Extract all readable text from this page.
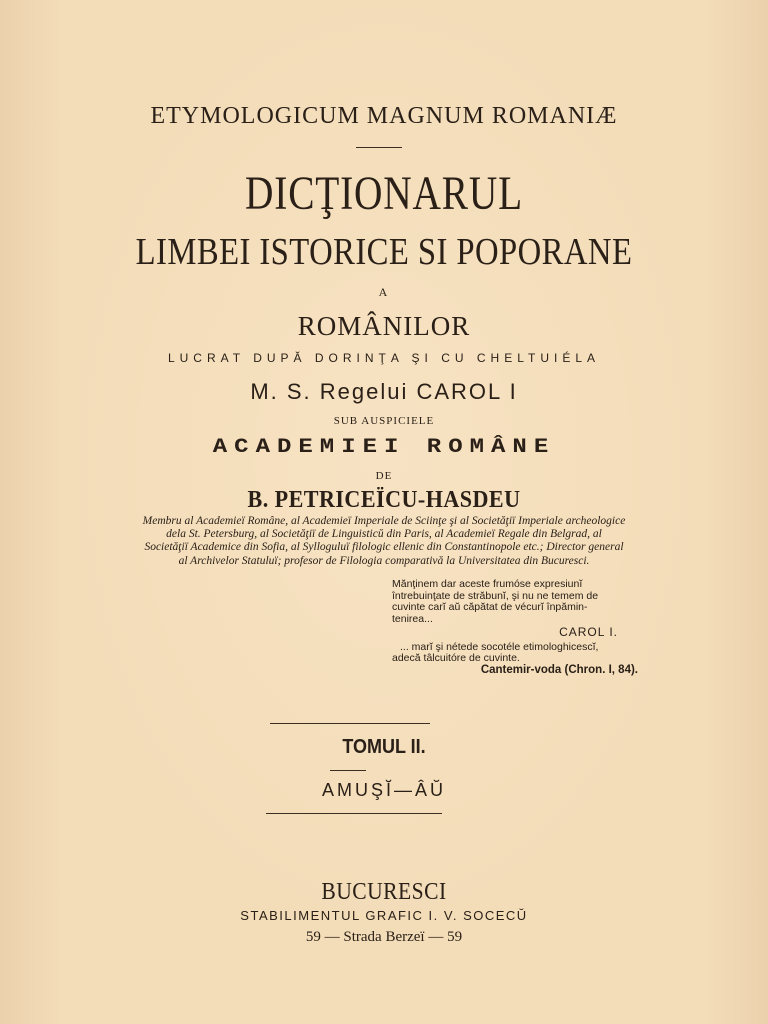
ETYMOLOGICUM MAGNUM ROMANIÆ
DICŢIONARUL
LIMBEI ISTORICE SI POPORANE
A
ROMÂNILOR
LUCRAT DUPĂ DORINŢA ŞI CU CHELTUIÉLA
M. S. Regelui CAROL I
SUB AUSPICIELE
ACADEMIEI ROMÂNE
DE
B. PETRICEÏCU-HASDEU
Membru al Academieï Române, al Academieï Imperiale de Sciinţe şi al Societăţiï Imperiale archeologice
dela St. Petersburg, al Societăţiï de Linguisticŭ din Paris, al Academieï Regale din Belgrad, al
Societăţiï Academice din Sofia, al Sylloguluï filologic ellenic din Constantinopole etc.; Director general
al Archivelor Statuluï; profesor de Filologia comparativă la Universitatea din Bucuresci.
Mănţinem dar aceste frumóse expresiunĭ
întrebuinţate de străbunĭ, şi nu ne temem de
cuvinte carĭ aŭ căpătat de vécurĭ înpămin-
tenirea...
CAROL I.
... marĭ şi nétede socotéle etimologhicescĭ,
adecă tâlcuitóre de cuvinte.
Cantemir-voda (Chron. I, 84).
TOMUL II.
AMUŞĬ—ÂŬ
BUCURESCI
STABILIMENTUL GRAFIC I. V. SOCECŬ
59 — Strada Berzeï — 59
